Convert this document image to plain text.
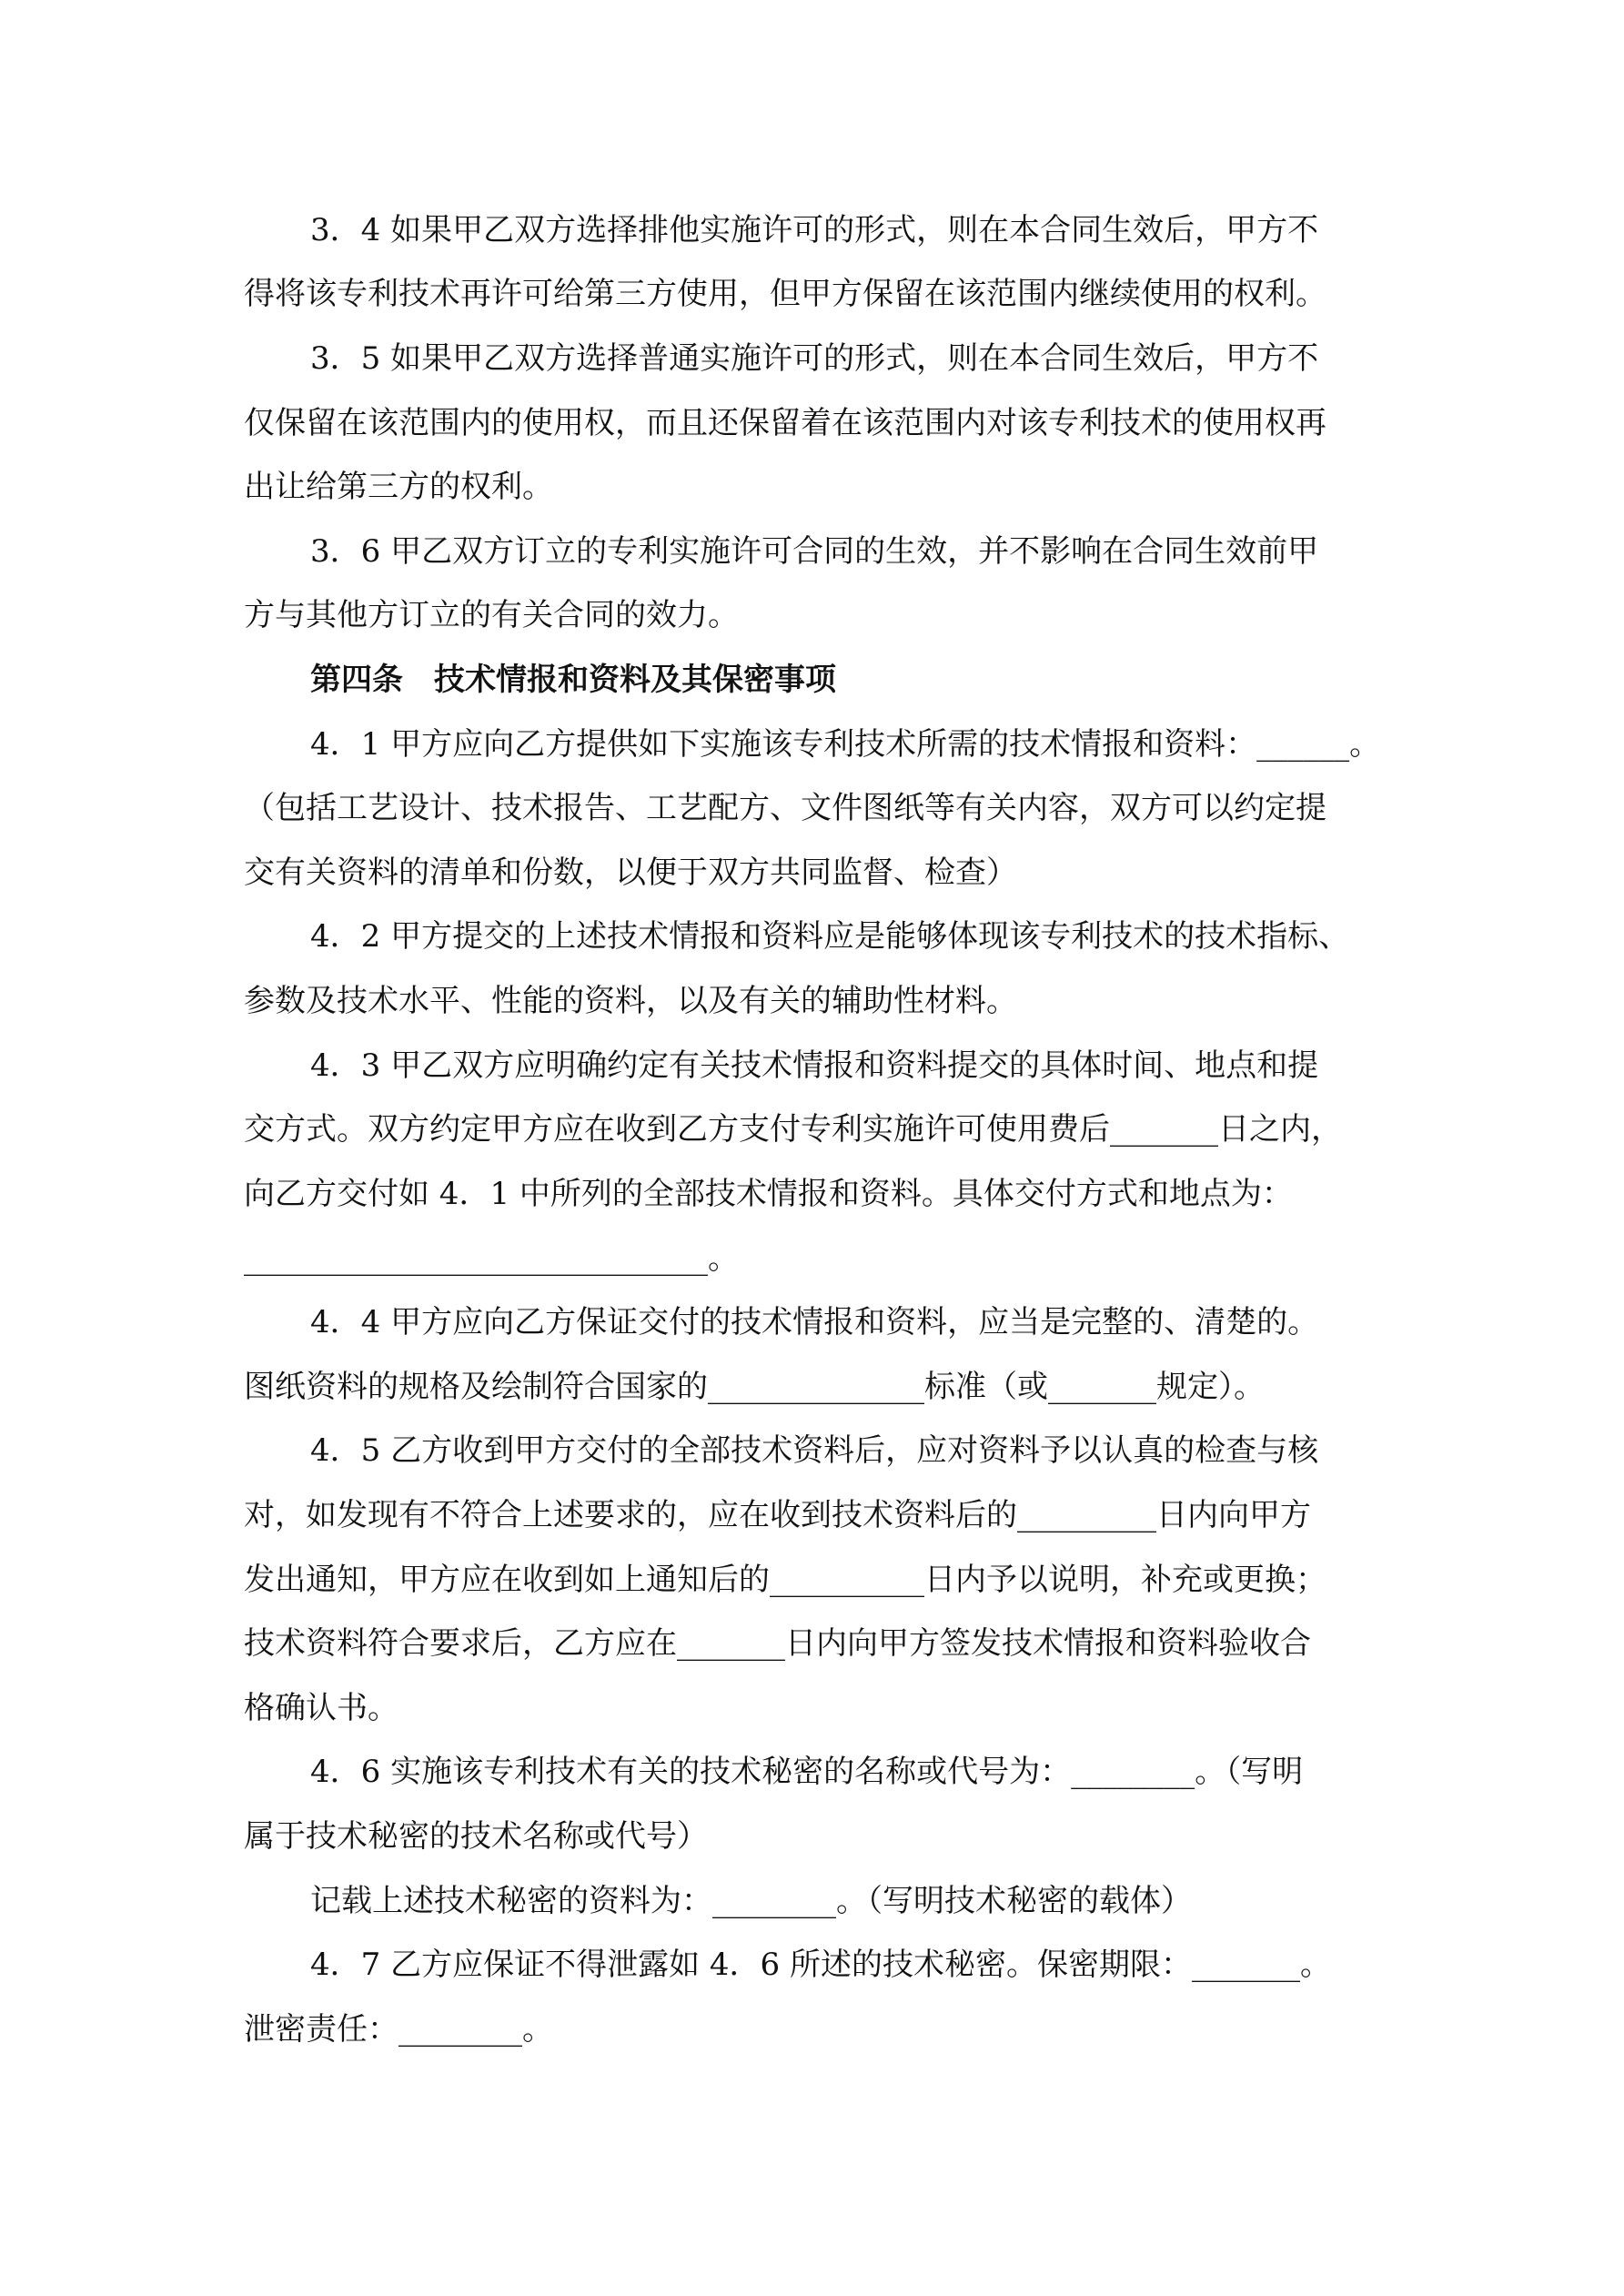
3．4 如果甲乙双方选择排他实施许可的形式，则在本合同生效后，甲方不

得将该专利技术再许可给第三方使用，但甲方保留在该范围内继续使用的权利。

3．5 如果甲乙双方选择普通实施许可的形式，则在本合同生效后，甲方不

仅保留在该范围内的使用权，而且还保留着在该范围内对该专利技术的使用权再

出让给第三方的权利。

3．6 甲乙双方订立的专利实施许可合同的生效，并不影响在合同生效前甲

方与其他方订立的有关合同的效力。

第四条　技术情报和资料及其保密事项

4．1 甲方应向乙方提供如下实施该专利技术所需的技术情报和资料：______。

（包括工艺设计、技术报告、工艺配方、文件图纸等有关内容，双方可以约定提

交有关资料的清单和份数，以便于双方共同监督、检查）

4．2 甲方提交的上述技术情报和资料应是能够体现该专利技术的技术指标、

参数及技术水平、性能的资料，以及有关的辅助性材料。

4．3 甲乙双方应明确约定有关技术情报和资料提交的具体时间、地点和提

交方式。双方约定甲方应在收到乙方支付专利实施许可使用费后_______日之内，

向乙方交付如 4．1 中所列的全部技术情报和资料。具体交付方式和地点为：

______________________________。

4．4 甲方应向乙方保证交付的技术情报和资料，应当是完整的、清楚的。

图纸资料的规格及绘制符合国家的______________标准（或_______规定）。

4．5 乙方收到甲方交付的全部技术资料后，应对资料予以认真的检查与核

对，如发现有不符合上述要求的，应在收到技术资料后的_________日内向甲方

发出通知，甲方应在收到如上通知后的__________日内予以说明，补充或更换；

技术资料符合要求后，乙方应在_______日内向甲方签发技术情报和资料验收合

格确认书。

4．6 实施该专利技术有关的技术秘密的名称或代号为：________。（写明

属于技术秘密的技术名称或代号）

记载上述技术秘密的资料为：________。（写明技术秘密的载体）

4．7 乙方应保证不得泄露如 4．6 所述的技术秘密。保密期限：_______。

泄密责任：________。
